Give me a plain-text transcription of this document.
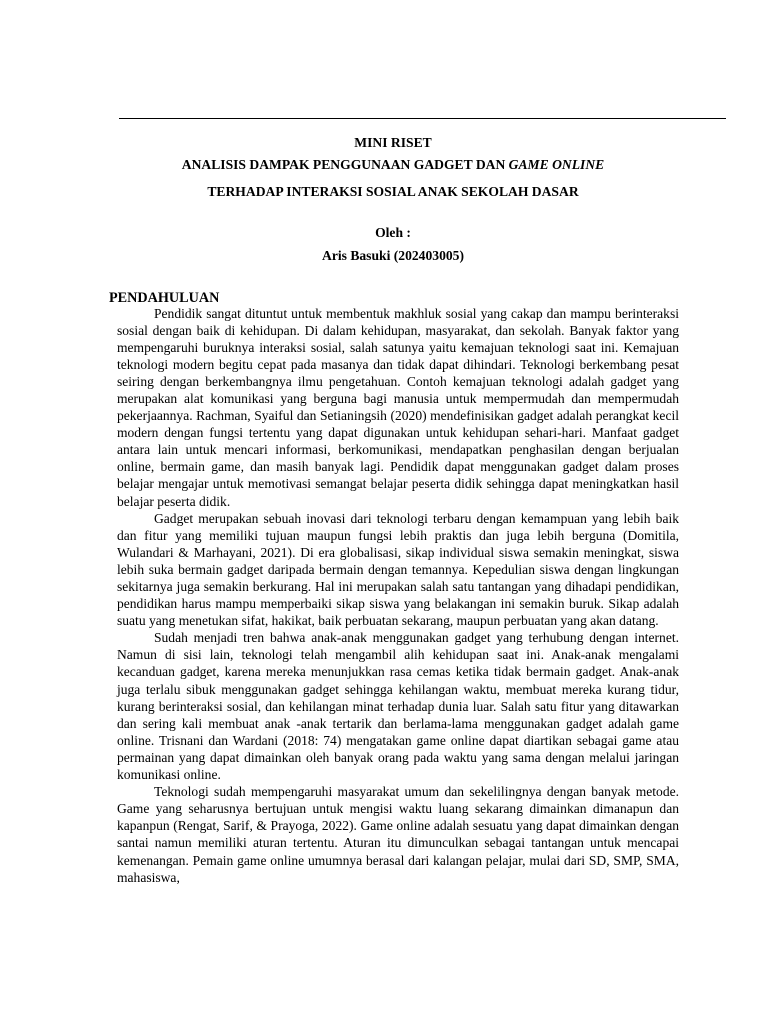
MINI RISET
ANALISIS DAMPAK PENGGUNAAN GADGET DAN GAME ONLINE
TERHADAP INTERAKSI SOSIAL ANAK SEKOLAH DASAR
Oleh :
Aris Basuki (202403005)
PENDAHULUAN

Pendidik sangat dituntut untuk membentuk makhluk sosial yang cakap dan mampu berinteraksi sosial dengan baik di kehidupan. Di dalam kehidupan, masyarakat, dan sekolah. Banyak faktor yang mempengaruhi buruknya interaksi sosial, salah satunya yaitu kemajuan teknologi saat ini. Kemajuan teknologi modern begitu cepat pada masanya dan tidak dapat dihindari. Teknologi berkembang pesat seiring dengan berkembangnya ilmu pengetahuan. Contoh kemajuan teknologi adalah gadget yang merupakan alat komunikasi yang berguna bagi manusia untuk mempermudah dan mempermudah pekerjaannya. Rachman, Syaiful dan Setianingsih (2020) mendefinisikan gadget adalah perangkat kecil modern dengan fungsi tertentu yang dapat digunakan untuk kehidupan sehari-hari. Manfaat gadget antara lain untuk mencari informasi, berkomunikasi, mendapatkan penghasilan dengan berjualan online, bermain game, dan masih banyak lagi. Pendidik dapat menggunakan gadget dalam proses belajar mengajar untuk memotivasi semangat belajar peserta didik sehingga dapat meningkatkan hasil belajar peserta didik.

Gadget merupakan sebuah inovasi dari teknologi terbaru dengan kemampuan yang lebih baik dan fitur yang memiliki tujuan maupun fungsi lebih praktis dan juga lebih berguna (Domitila, Wulandari & Marhayani, 2021). Di era globalisasi, sikap individual siswa semakin meningkat, siswa lebih suka bermain gadget daripada bermain dengan temannya. Kepedulian siswa dengan lingkungan sekitarnya juga semakin berkurang. Hal ini merupakan salah satu tantangan yang dihadapi pendidikan, pendidikan harus mampu memperbaiki sikap siswa yang belakangan ini semakin buruk. Sikap adalah suatu yang menetukan sifat, hakikat, baik perbuatan sekarang, maupun perbuatan yang akan datang.

Sudah menjadi tren bahwa anak-anak menggunakan gadget yang terhubung dengan internet. Namun di sisi lain, teknologi telah mengambil alih kehidupan saat ini. Anak-anak mengalami kecanduan gadget, karena mereka menunjukkan rasa cemas ketika tidak bermain gadget. Anak-anak juga terlalu sibuk menggunakan gadget sehingga kehilangan waktu, membuat mereka kurang tidur, kurang berinteraksi sosial, dan kehilangan minat terhadap dunia luar. Salah satu fitur yang ditawarkan dan sering kali membuat anak -anak tertarik dan berlama-lama menggunakan gadget adalah game online. Trisnani dan Wardani (2018: 74) mengatakan game online dapat diartikan sebagai game atau permainan yang dapat dimainkan oleh banyak orang pada waktu yang sama dengan melalui jaringan komunikasi online.

Teknologi sudah mempengaruhi masyarakat umum dan sekelilingnya dengan banyak metode. Game yang seharusnya bertujuan untuk mengisi waktu luang sekarang dimainkan dimanapun dan kapanpun (Rengat, Sarif, & Prayoga, 2022). Game online adalah sesuatu yang dapat dimainkan dengan santai namun memiliki aturan tertentu. Aturan itu dimunculkan sebagai tantangan untuk mencapai kemenangan. Pemain game online umumnya berasal dari kalangan pelajar, mulai dari SD, SMP, SMA, mahasiswa,
